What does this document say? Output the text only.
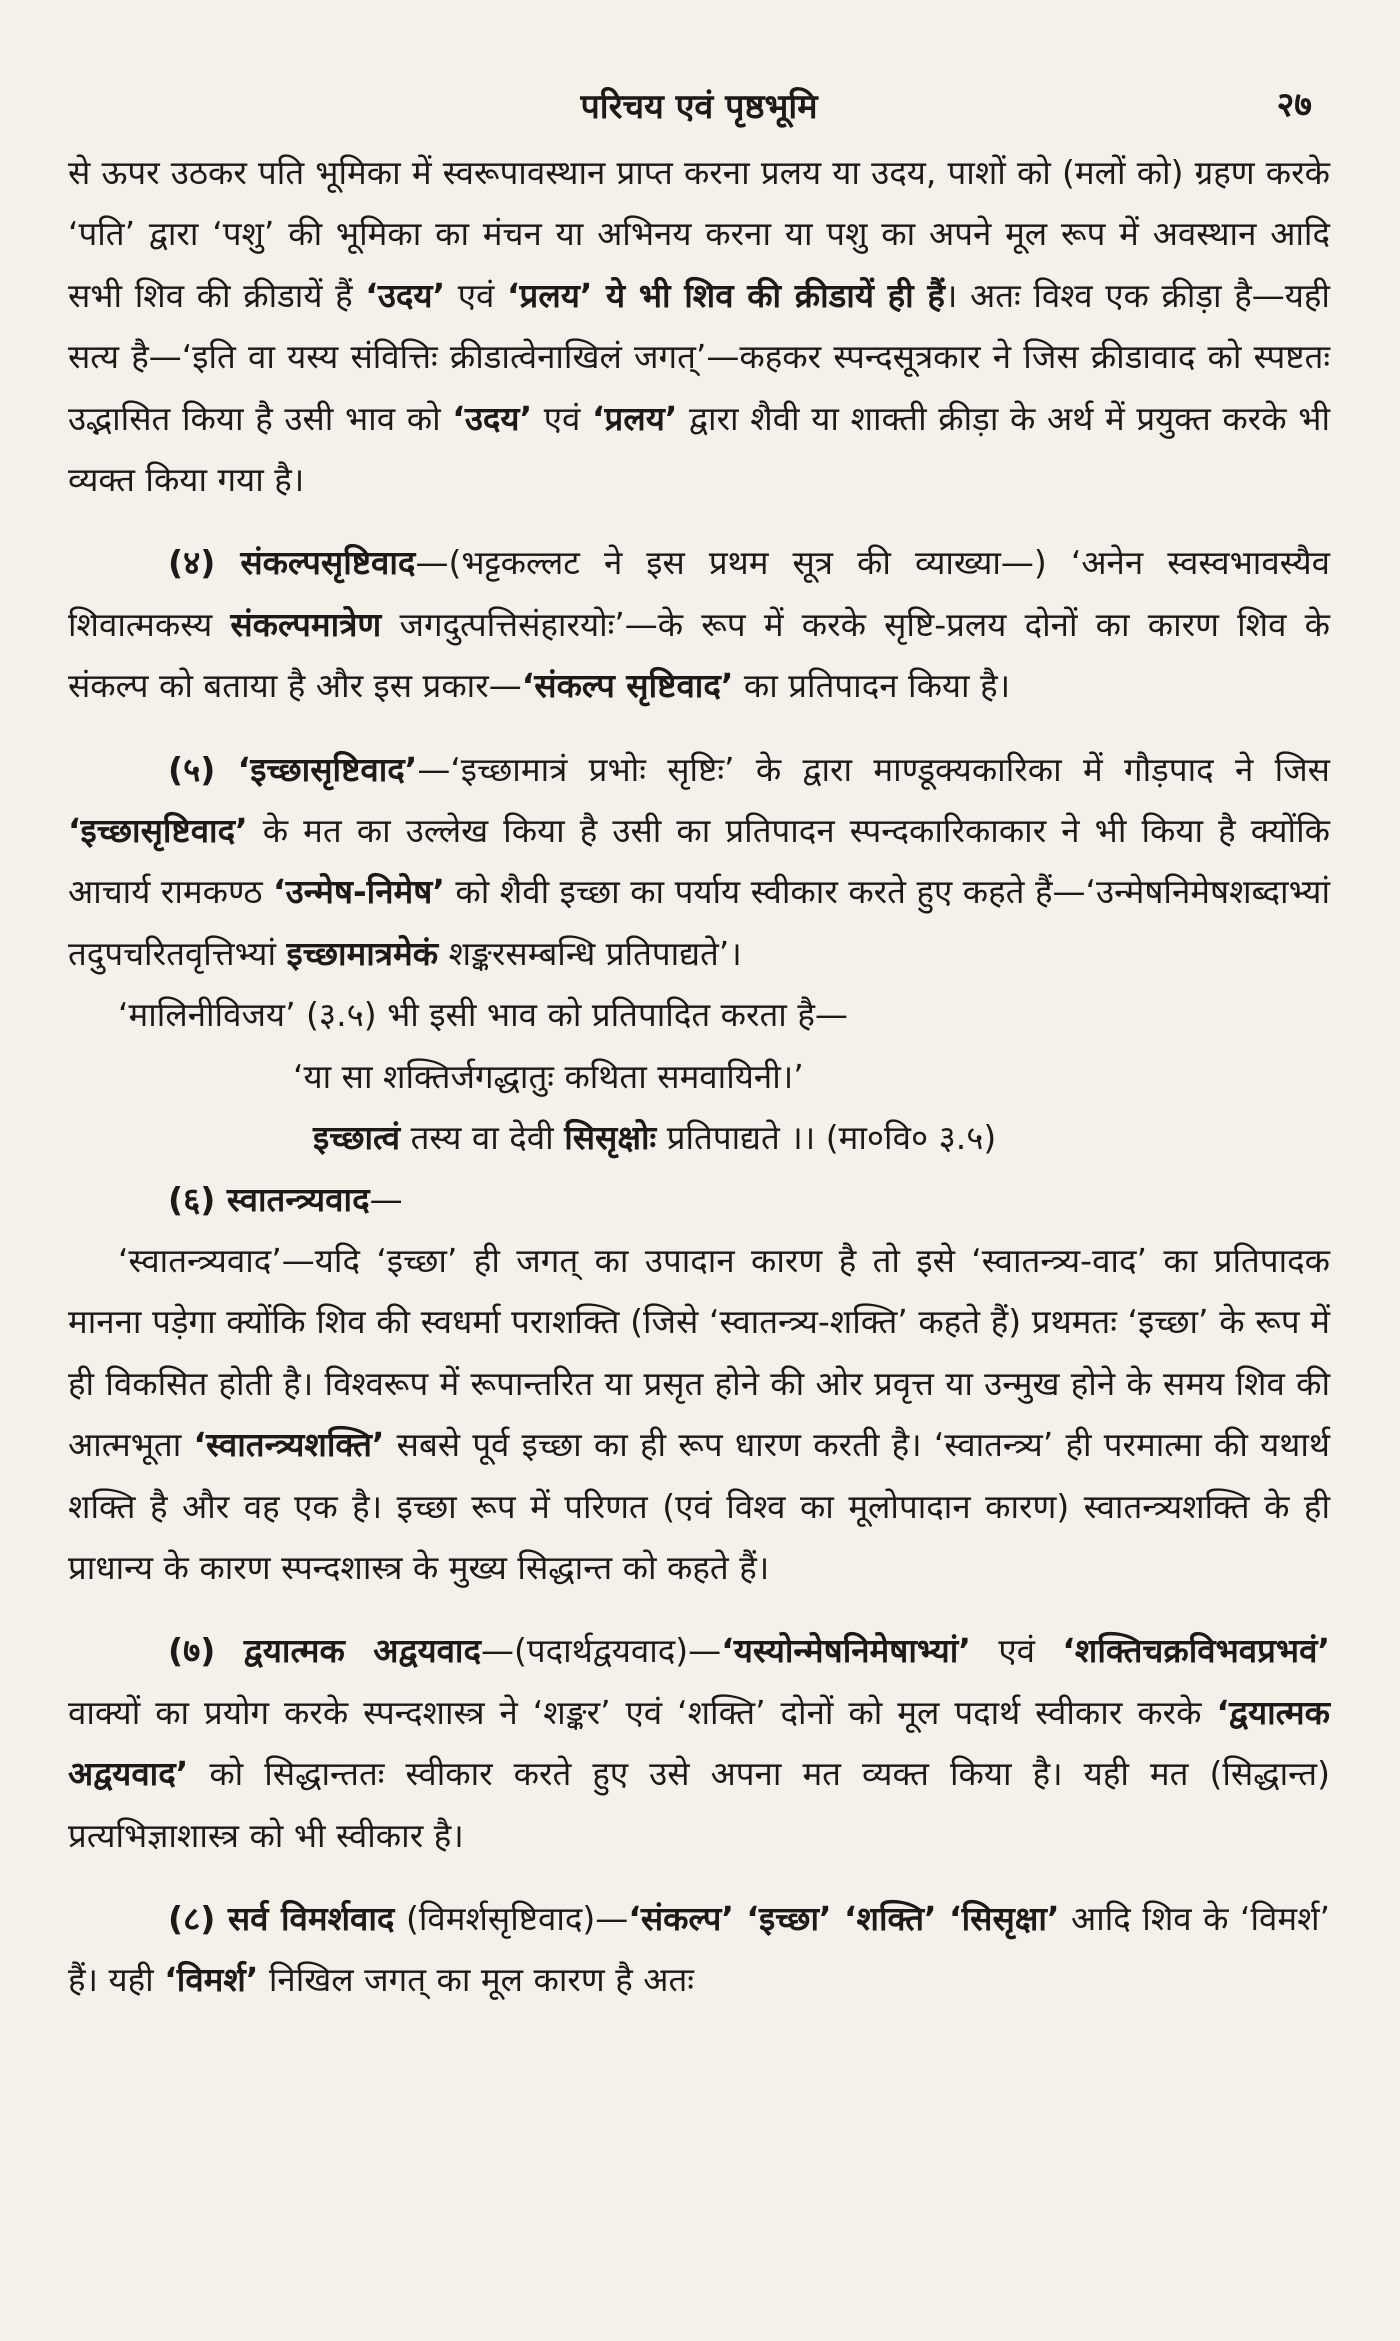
परिचय एवं पृष्ठभूमि	२७

से ऊपर उठकर पति भूमिका में स्वरूपावस्थान प्राप्त करना प्रलय या उदय, पाशों को (मलों को) ग्रहण करके ‘पति’ द्वारा ‘पशु’ की भूमिका का मंचन या अभिनय करना या पशु का अपने मूल रूप में अवस्थान आदि सभी शिव की क्रीडायें हैं ‘उदय’ एवं ‘प्रलय’ ये भी शिव की क्रीडायें ही हैं। अतः विश्व एक क्रीड़ा है—यही सत्य है—‘इति वा यस्य संवित्तिः क्रीडात्वेनाखिलं जगत्’—कहकर स्पन्दसूत्रकार ने जिस क्रीडावाद को स्पष्टतः उद्भासित किया है उसी भाव को ‘उदय’ एवं ‘प्रलय’ द्वारा शैवी या शाक्ती क्रीड़ा के अर्थ में प्रयुक्त करके भी व्यक्त किया गया है।

(४) संकल्पसृष्टिवाद—(भट्टकल्लट ने इस प्रथम सूत्र की व्याख्या—) ‘अनेन स्वस्वभावस्यैव शिवात्मकस्य संकल्पमात्रेण जगदुत्पत्तिसंहारयोः’—के रूप में करके सृष्टि-प्रलय दोनों का कारण शिव के संकल्प को बताया है और इस प्रकार—‘संकल्प सृष्टिवाद’ का प्रतिपादन किया है।

(५) ‘इच्छासृष्टिवाद’—‘इच्छामात्रं प्रभोः सृष्टिः’ के द्वारा माण्डूक्यकारिका में गौड़पाद ने जिस ‘इच्छासृष्टिवाद’ के मत का उल्लेख किया है उसी का प्रतिपादन स्पन्दकारिकाकार ने भी किया है क्योंकि आचार्य रामकण्ठ ‘उन्मेष-निमेष’ को शैवी इच्छा का पर्याय स्वीकार करते हुए कहते हैं—‘उन्मेषनिमेषशब्दाभ्यां तदुपचरितवृत्तिभ्यां इच्छामात्रमेकं शङ्करसम्बन्धि प्रतिपाद्यते’।

‘मालिनीविजय’ (३.५) भी इसी भाव को प्रतिपादित करता है—

‘या सा शक्तिर्जगद्धातुः कथिता समवायिनी।’

इच्छात्वं तस्य वा देवी सिसृक्षोः प्रतिपाद्यते ।। (मा०वि० ३.५)

(६) स्वातन्त्र्यवाद—

‘स्वातन्त्र्यवाद’—यदि ‘इच्छा’ ही जगत् का उपादान कारण है तो इसे ‘स्वातन्त्र्य-वाद’ का प्रतिपादक मानना पड़ेगा क्योंकि शिव की स्वधर्मा पराशक्ति (जिसे ‘स्वातन्त्र्य-शक्ति’ कहते हैं) प्रथमतः ‘इच्छा’ के रूप में ही विकसित होती है। विश्वरूप में रूपान्तरित या प्रसृत होने की ओर प्रवृत्त या उन्मुख होने के समय शिव की आत्मभूता ‘स्वातन्त्र्यशक्ति’ सबसे पूर्व इच्छा का ही रूप धारण करती है। ‘स्वातन्त्र्य’ ही परमात्मा की यथार्थ शक्ति है और वह एक है। इच्छा रूप में परिणत (एवं विश्व का मूलोपादान कारण) स्वातन्त्र्यशक्ति के ही प्राधान्य के कारण स्पन्दशास्त्र के मुख्य सिद्धान्त को कहते हैं।

(७) द्वयात्मक अद्वयवाद—(पदार्थद्वयवाद)—‘यस्योन्मेषनिमेषाभ्यां’ एवं ‘शक्तिचक्रविभवप्रभवं’ वाक्यों का प्रयोग करके स्पन्दशास्त्र ने ‘शङ्कर’ एवं ‘शक्ति’ दोनों को मूल पदार्थ स्वीकार करके ‘द्वयात्मक अद्वयवाद’ को सिद्धान्ततः स्वीकार करते हुए उसे अपना मत व्यक्त किया है। यही मत (सिद्धान्त) प्रत्यभिज्ञाशास्त्र को भी स्वीकार है।

(८) सर्व विमर्शवाद (विमर्शसृष्टिवाद)—‘संकल्प’ ‘इच्छा’ ‘शक्ति’ ‘सिसृक्षा’ आदि शिव के ‘विमर्श’ हैं। यही ‘विमर्श’ निखिल जगत् का मूल कारण है अतः
